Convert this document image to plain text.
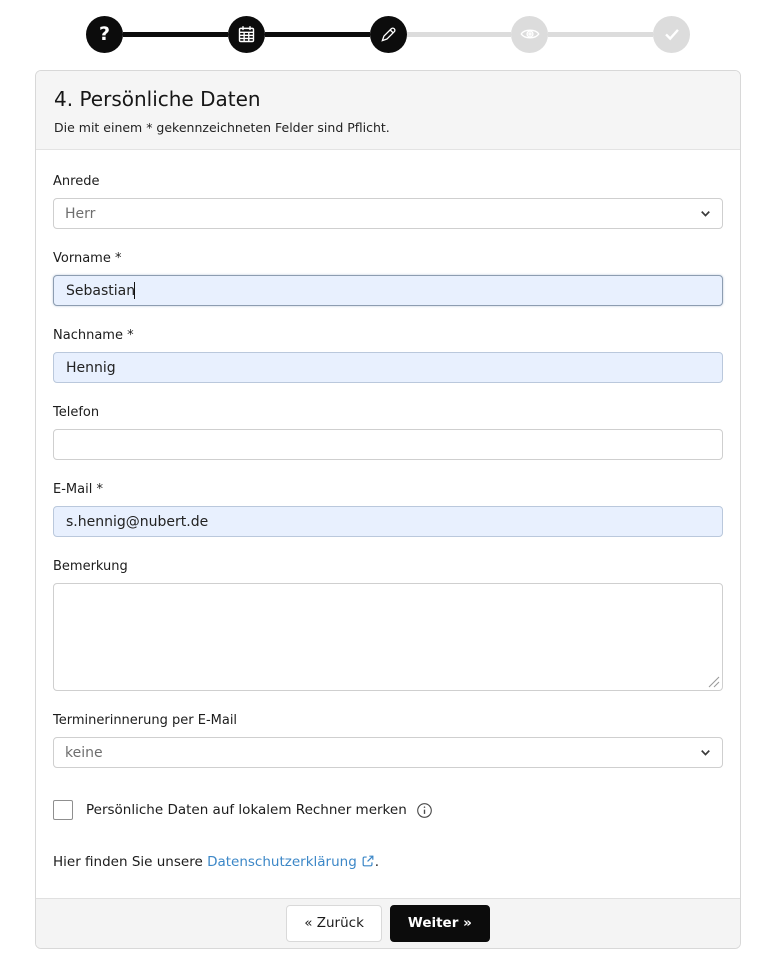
?
4. Persönliche Daten
Die mit einem * gekennzeichneten Felder sind Pflicht.
Anrede
Herr
Vorname *
Sebastian
Nachname *
Hennig
Telefon
E-Mail *
s.hennig@nubert.de
Bemerkung
Terminerinnerung per E-Mail
keine
Persönliche Daten auf lokalem Rechner merken
Hier finden Sie unsere Datenschutzerklärung .
« Zurück	Weiter »
